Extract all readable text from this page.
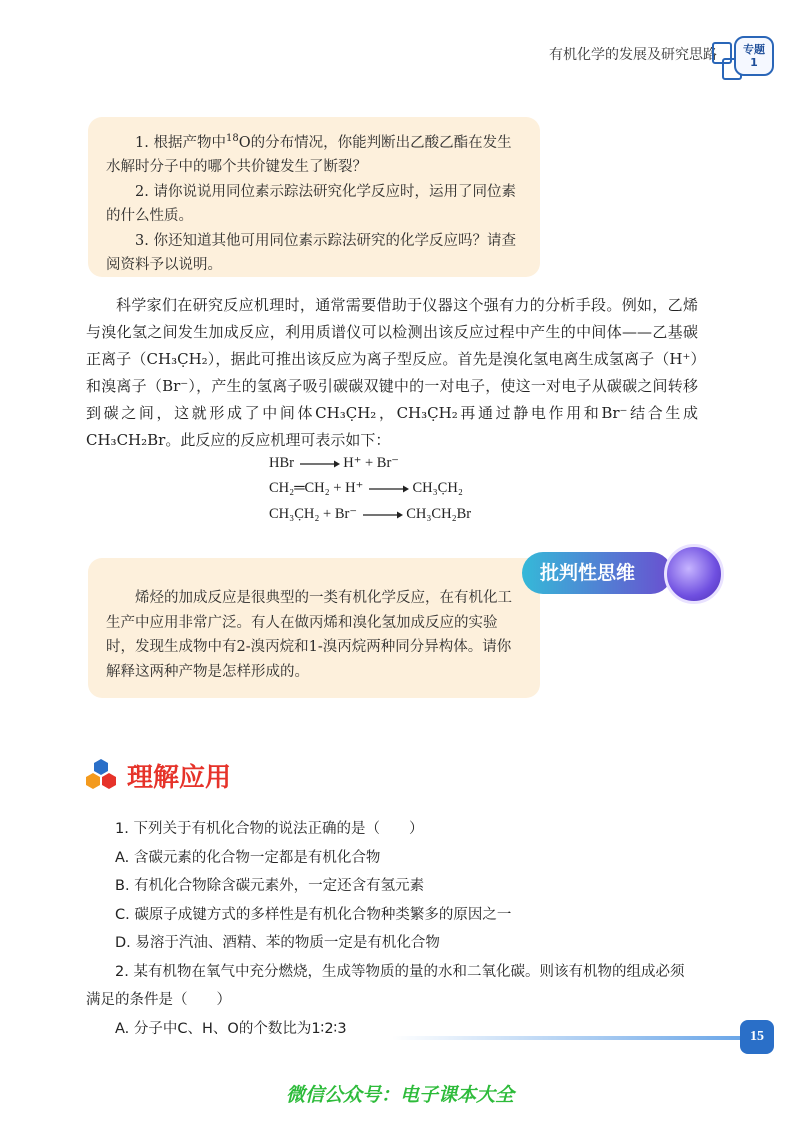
有机化学的发展及研究思路	专题
1

1. 根据产物中$^{18}$O的分布情况，你能判断出乙酸乙酯在发生水解时分子中的哪个共价键发生了断裂？

2. 请你说说用同位素示踪法研究化学反应时，运用了同位素的什么性质。

3. 你还知道其他可用同位素示踪法研究的化学反应吗？请查阅资料予以说明。

科学家们在研究反应机理时，通常需要借助于仪器这个强有力的分析手段。例如，乙烯与溴化氢之间发生加成反应，利用质谱仪可以检测出该反应过程中产生的中间体——乙基碳正离子（CH₃C̣H₂），据此可推出该反应为离子型反应。首先是溴化氢电离生成氢离子（H⁺）和溴离子（Br⁻），产生的氢离子吸引碳碳双键中的一对电子，使这一对电子从碳碳之间转移到碳之间，这就形成了中间体CH₃C̣H₂，CH₃C̣H₂再通过静电作用和Br⁻结合生成CH₃CH₂Br。此反应的反应机理可表示如下：

HBr	H⁺ + Br⁻
CH₂═CH₂ + H⁺	CH₃C̣H₂
CH₃C̣H₂ + Br⁻	CH₃CH₂Br

烯烃的加成反应是很典型的一类有机化学反应，在有机化工生产中应用非常广泛。有人在做丙烯和溴化氢加成反应的实验时，发现生成物中有2-溴丙烷和1-溴丙烷两种同分异构体。请你解释这两种产物是怎样形成的。

批判性思维
理解应用

1. 下列关于有机化合物的说法正确的是（　　）

A. 含碳元素的化合物一定都是有机化合物

B. 有机化合物除含碳元素外，一定还含有氢元素

C. 碳原子成键方式的多样性是有机化合物种类繁多的原因之一

D. 易溶于汽油、酒精、苯的物质一定是有机化合物

2. 某有机物在氧气中充分燃烧，生成等物质的量的水和二氧化碳。则该有机物的组成必须满足的条件是（　　）

A. 分子中C、H、O的个数比为1∶2∶3	15
微信公众号：电子课本大全
